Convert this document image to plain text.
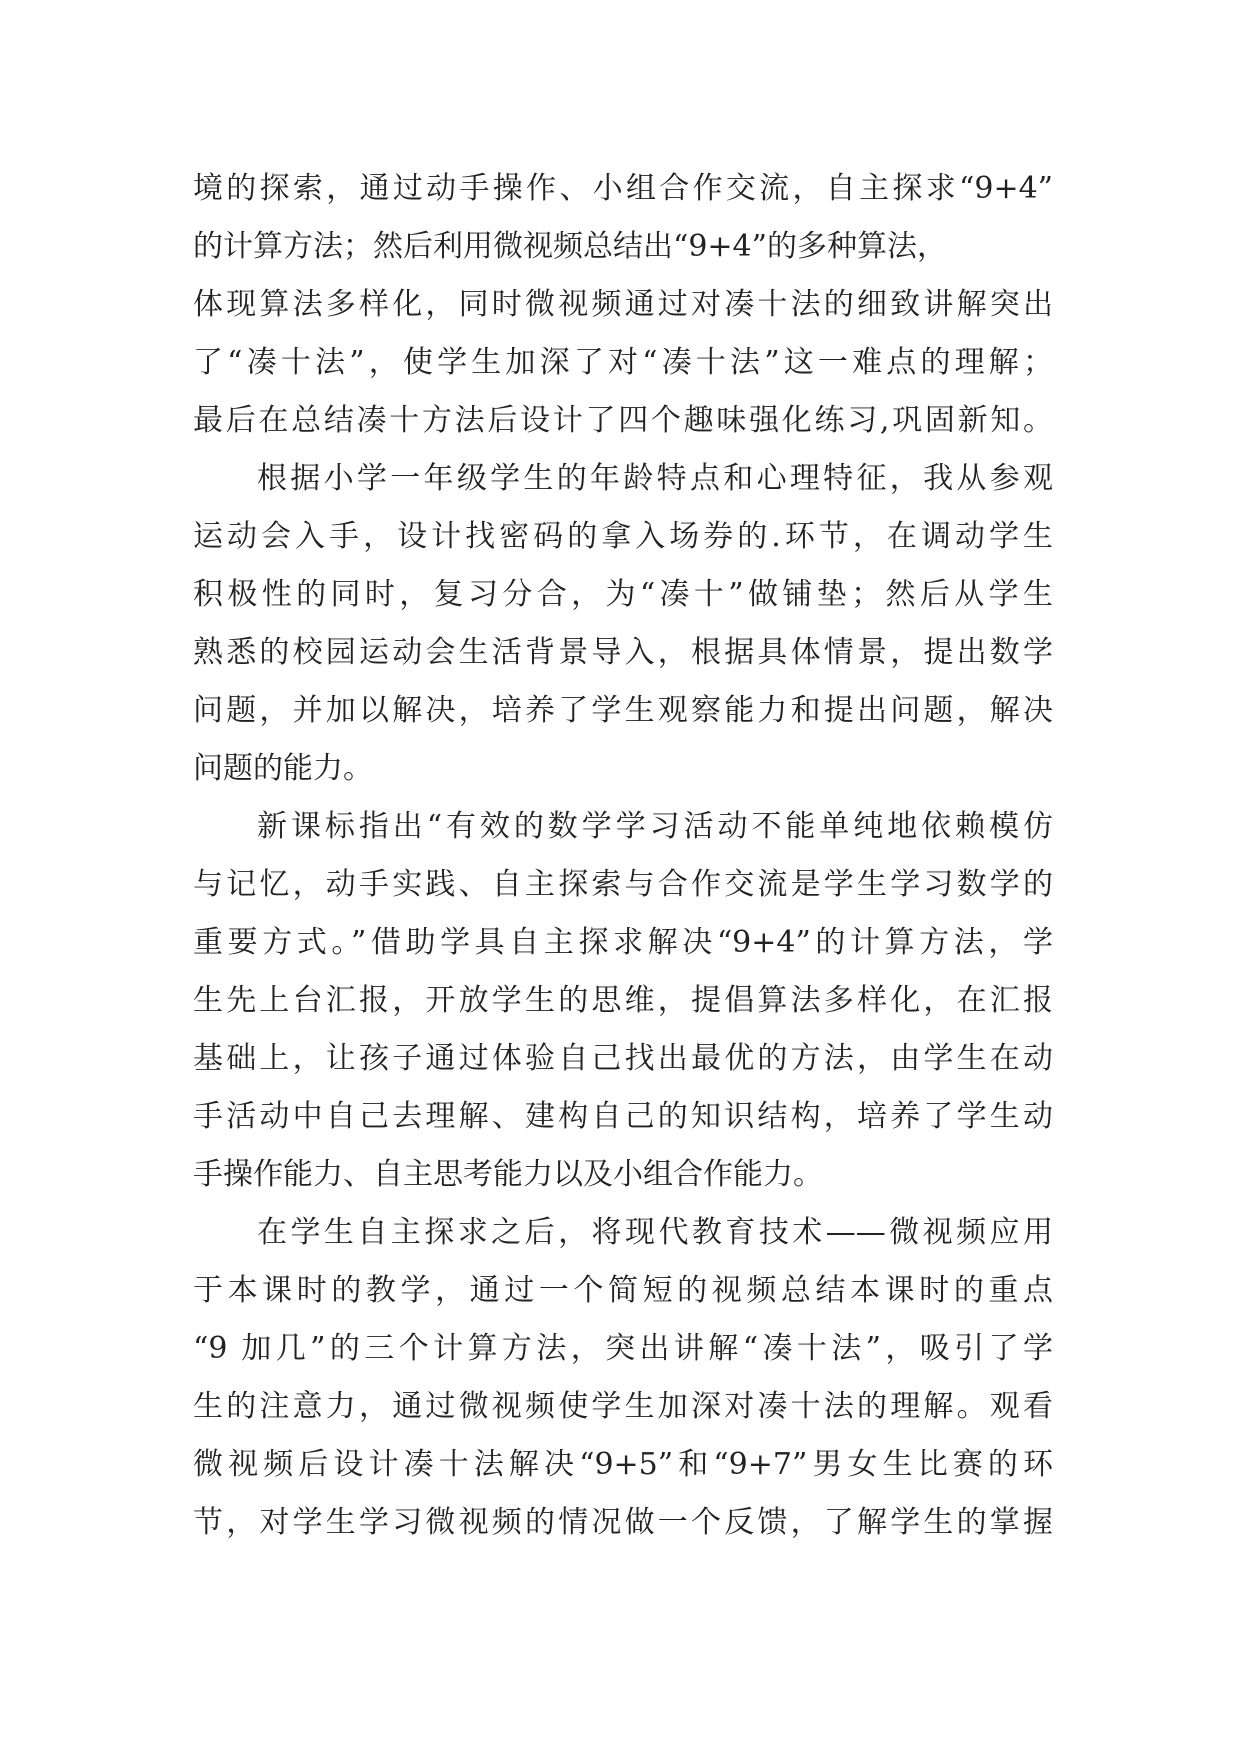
境的探索，通过动手操作、小组合作交流，自主探求“9+4”
的计算方法；然后利用微视频总结出“9+4”的多种算法，
体现算法多样化，同时微视频通过对凑十法的细致讲解突出
了“凑十法”，使学生加深了对“凑十法”这一难点的理解；
最后在总结凑十方法后设计了四个趣味强化练习,巩固新知。
根据小学一年级学生的年龄特点和心理特征，我从参观
运动会入手，设计找密码的拿入场券的.环节，在调动学生
积极性的同时，复习分合，为“凑十”做铺垫；然后从学生
熟悉的校园运动会生活背景导入，根据具体情景，提出数学
问题，并加以解决，培养了学生观察能力和提出问题，解决
问题的能力。
新课标指出“有效的数学学习活动不能单纯地依赖模仿
与记忆，动手实践、自主探索与合作交流是学生学习数学的
重要方式。”借助学具自主探求解决“9+4”的计算方法，学
生先上台汇报，开放学生的思维，提倡算法多样化，在汇报
基础上，让孩子通过体验自己找出最优的方法，由学生在动
手活动中自己去理解、建构自己的知识结构，培养了学生动
手操作能力、自主思考能力以及小组合作能力。
在学生自主探求之后，将现代教育技术——微视频应用
于本课时的教学，通过一个简短的视频总结本课时的重点
“9 加几”的三个计算方法，突出讲解“凑十法”，吸引了学
生的注意力，通过微视频使学生加深对凑十法的理解。观看
微视频后设计凑十法解决“9+5”和“9+7”男女生比赛的环
节，对学生学习微视频的情况做一个反馈，了解学生的掌握
